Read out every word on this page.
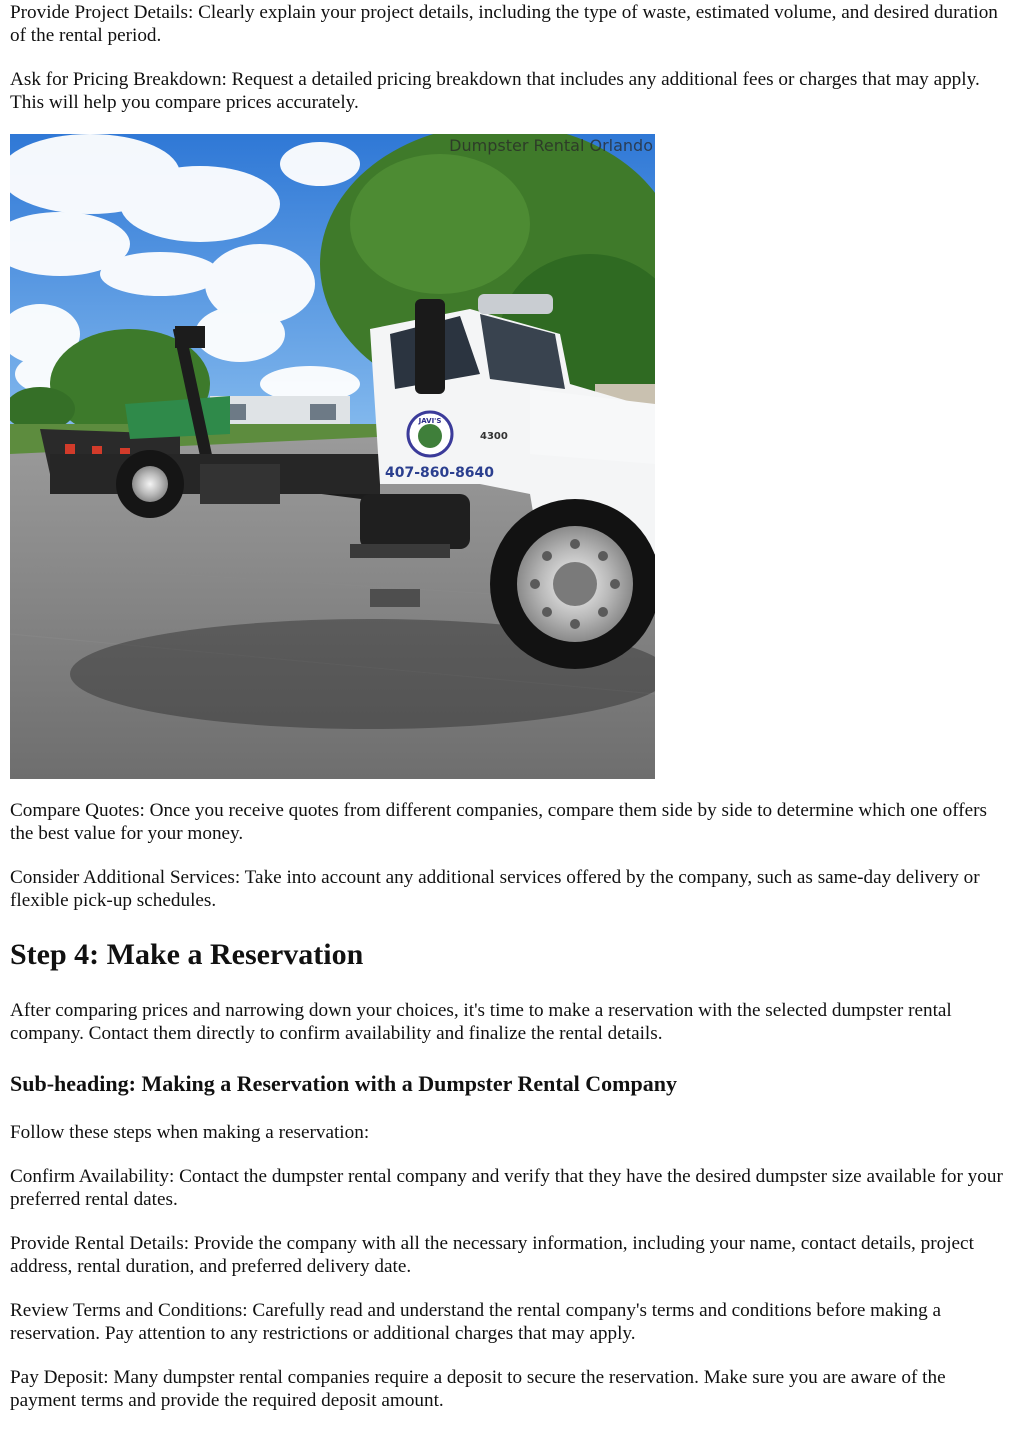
Provide Project Details: Clearly explain your project details, including the type of waste, estimated volume, and desired duration of the rental period.

Ask for Pricing Breakdown: Request a detailed pricing breakdown that includes any additional fees or charges that may apply. This will help you compare prices accurately.

JAVI'S
407-860-8640
4300
Dumpster Rental Orlando

Compare Quotes: Once you receive quotes from different companies, compare them side by side to determine which one offers the best value for your money.

Consider Additional Services: Take into account any additional services offered by the company, such as same-day delivery or flexible pick-up schedules.

Step 4: Make a Reservation

After comparing prices and narrowing down your choices, it's time to make a reservation with the selected dumpster rental company. Contact them directly to confirm availability and finalize the rental details.

Sub-heading: Making a Reservation with a Dumpster Rental Company

Follow these steps when making a reservation:

Confirm Availability: Contact the dumpster rental company and verify that they have the desired dumpster size available for your preferred rental dates.

Provide Rental Details: Provide the company with all the necessary information, including your name, contact details, project address, rental duration, and preferred delivery date.

Review Terms and Conditions: Carefully read and understand the rental company's terms and conditions before making a reservation. Pay attention to any restrictions or additional charges that may apply.

Pay Deposit: Many dumpster rental companies require a deposit to secure the reservation. Make sure you are aware of the payment terms and provide the required deposit amount.
